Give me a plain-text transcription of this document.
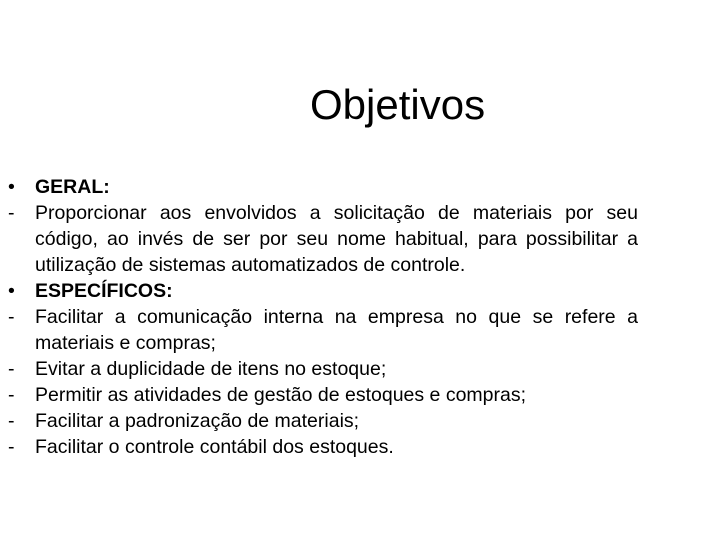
Objetivos
•	GERAL:
-	Proporcionar aos envolvidos a solicitação de materiais por seu código, ao invés de ser por seu nome habitual, para possibilitar a utilização de sistemas automatizados de controle.
•	ESPECÍFICOS:
-	Facilitar a comunicação interna na empresa no que se refere a materiais e compras;
-	Evitar a duplicidade de itens no estoque;
-	Permitir as atividades de gestão de estoques e compras;
-	Facilitar a padronização de materiais;
-	Facilitar o controle contábil dos estoques.
